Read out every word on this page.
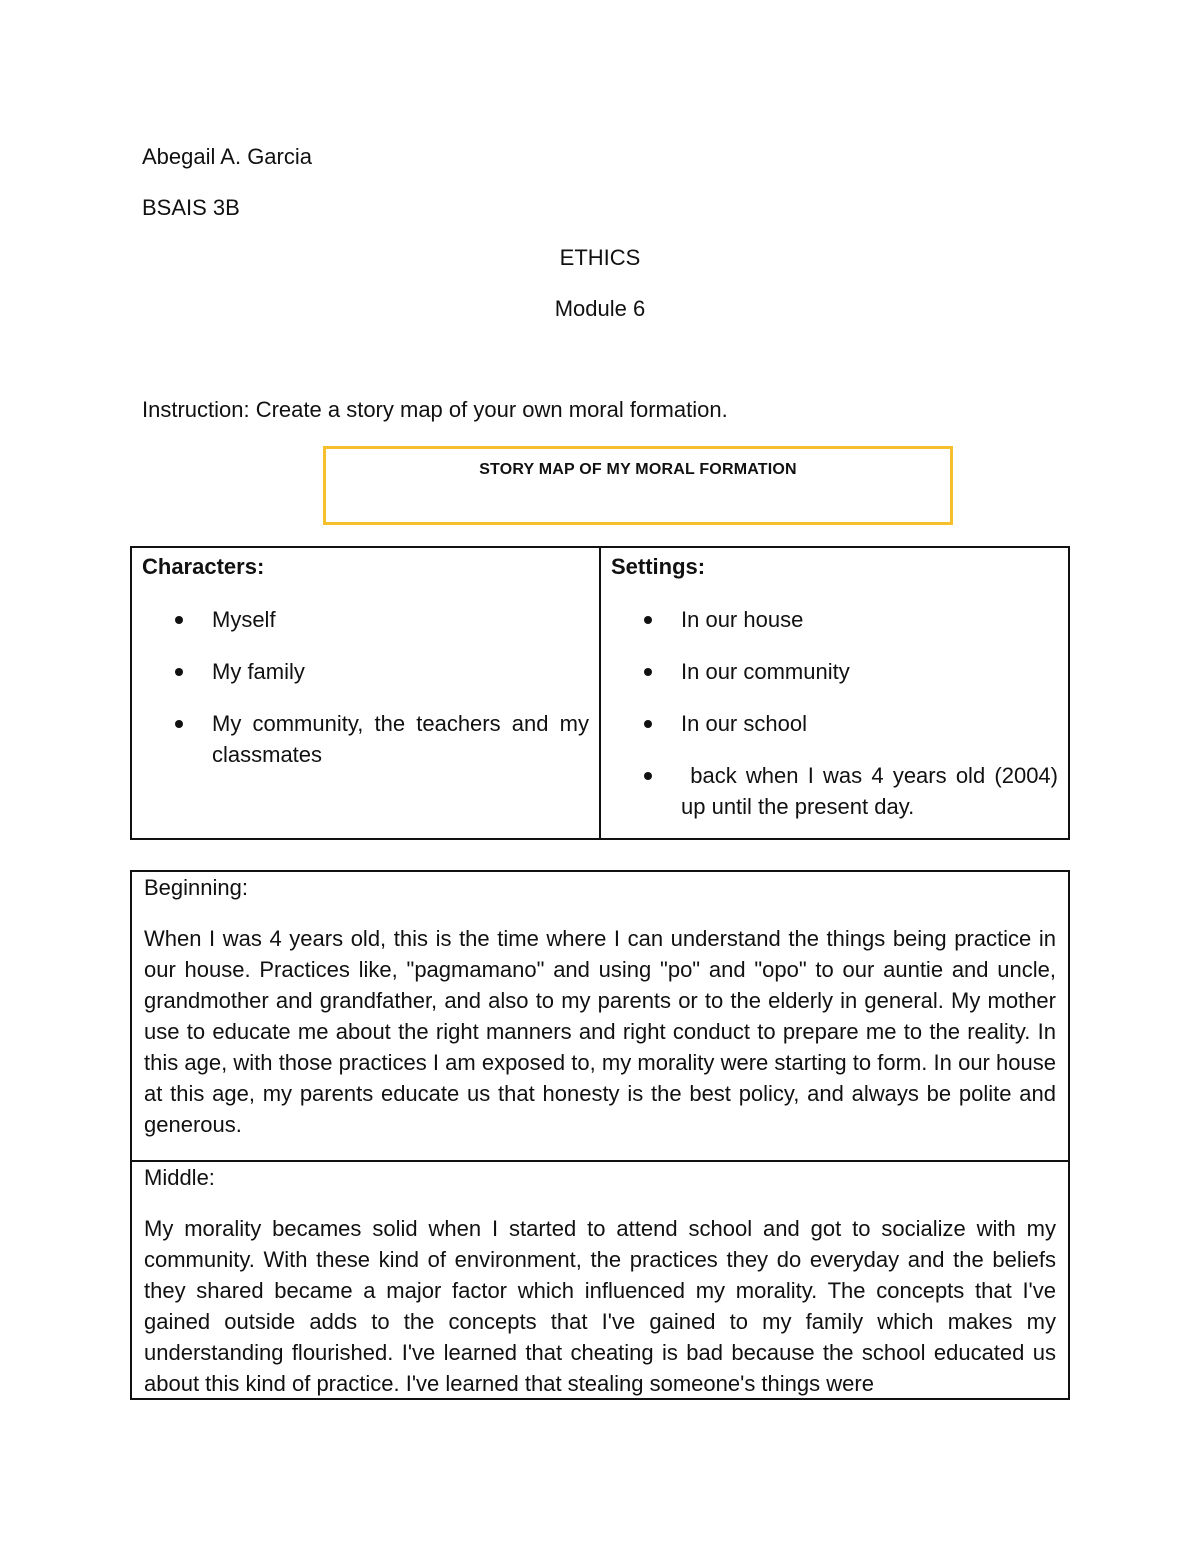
Abegail A. Garcia
BSAIS 3B
ETHICS
Module 6
Instruction: Create a story map of your own moral formation.
STORY MAP OF MY MORAL FORMATION
Characters:
Myself
My family
My community, the teachers and my classmates
Settings:
In our house
In our community
In our school
back when I was 4 years old (2004) up until the present day.
Beginning:
When I was 4 years old, this is the time where I can understand the things being practice in our house. Practices like, "pagmamano" and using "po" and "opo" to our auntie and uncle, grandmother and grandfather, and also to my parents or to the elderly in general. My mother use to educate me about the right manners and right conduct to prepare me to the reality. In this age, with those practices I am exposed to, my morality were starting to form. In our house at this age, my parents educate us that honesty is the best policy, and always be polite and generous.
Middle:
My morality becames solid when I started to attend school and got to socialize with my community. With these kind of environment, the practices they do everyday and the beliefs they shared became a major factor which influenced my morality. The concepts that I've gained outside adds to the concepts that I've gained to my family which makes my understanding flourished. I've learned that cheating is bad because the school educated us about this kind of practice. I've learned that stealing someone's things were
